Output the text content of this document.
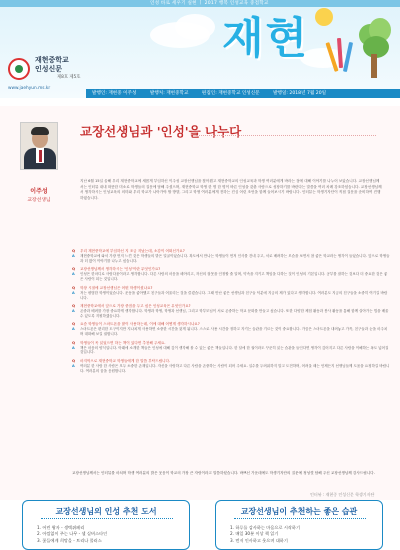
인성 바로 세우기 실현 ㅣ 2017 행복 인성교육 중점학교
재현중학교
인성신문
제8호 제5호
www.jaehyun.ms.kr
재현
발행인: 재현중 이주성	발행처: 재현중학교	편집인: 재현중학교 인성신문	발행일: 2018년 7월 20일
이주성
교장선생님
교장선생님과 '인성'을 나누다

지난 6월 15일 올해 우리 재현중학교에 새롭게 부임하신 이주성 교장선생님을 찾아뵙고 재현중학교의 인성교육과 학생 여러분에게 바라는 점에 대해 이야기를 나누어 보았습니다. 교장선생님께서는 인터뷰 내내 따뜻한 미소로 학생들의 질문에 답해 주셨으며, 재현중학교 학생 한 명 한 명이 바른 인성을 갖춘 사람으로 성장하기를 바란다는 말씀을 여러 차례 강조하셨습니다. 교장선생님께서 생각하시는 인성교육의 의미와 우리 학교가 나아가야 할 방향, 그리고 학생 여러분에게 전하는 진심 어린 조언을 함께 들어보시기 바랍니다. 인터뷰는 학생기자단이 직접 질문을 준비하여 진행하였습니다.

Q	우리 재현중학교에 부임하신 지 조금 지났는데, 소감이 어떠신가요?
A	재현중학교에 와서 가장 먼저 느낀 것은 학생들의 밝은 얼굴이었습니다. 복도에서 만나는 학생들이 먼저 인사를 건네 주고, 서로 배려하는 모습을 보면서 참 좋은 학교라는 생각이 들었습니다. 앞으로 학생들과 더 많이 이야기를 나누고 싶습니다.
Q	교장선생님께서 생각하시는 '인성'이란 무엇인가요?
A	인성은 한마디로 사람다움이라고 생각합니다. 다른 사람의 마음을 헤아리고, 자신의 잘못을 인정할 줄 알며, 약속을 지키고 책임을 다하는 것이 인성의 기본입니다. 공부를 잘하는 것보다 더 중요한 것은 좋은 사람이 되는 것입니다.
Q	학창 시절에 교장선생님은 어떤 학생이셨나요?
A	저는 평범한 학생이었습니다. 운동을 좋아했고 친구들과 어울리는 것을 즐겼습니다. 그때 만난 좋은 선생님과 친구들 덕분에 지금의 제가 있다고 생각합니다. 여러분도 지금의 친구들을 소중히 여기길 바랍니다.
Q	재현중학교에서 앞으로 가장 중점을 두고 싶은 인성교육은 무엇인가요?
A	존중과 배려를 가장 중요하게 생각합니다. 학생과 학생, 학생과 선생님, 그리고 학부모님이 서로 존중하는 학교 문화를 만들고 싶습니다. 또한 다양한 체험 활동과 봉사 활동을 통해 함께 살아가는 법을 배울 수 있도록 지원하겠습니다.
Q	요즘 학생들이 스마트폰을 많이 사용하는데, 이에 대해 어떻게 생각하시나요?
A	스마트폰은 편리한 도구이지만 지나치게 사용하면 소중한 시간을 잃게 됩니다. 스스로 사용 시간을 정하고 지키는 습관을 기르는 것이 중요합니다. 가끔은 스마트폰을 내려놓고 가족, 친구들과 눈을 마주치며 대화해 보길 권합니다.
Q	학생들이 꼭 읽었으면 하는 책이 있다면 추천해 주세요.
A	책은 마음의 양식입니다. 아래에 소개한 책들은 인성에 대해 깊이 생각해 볼 수 있는 좋은 책들입니다. 한 달에 한 권이라도 꾸준히 읽는 습관을 들인다면 생각이 깊어지고 다른 사람을 이해하는 폭도 넓어질 것입니다.
Q	마지막으로 재현중학교 학생들에게 한 말씀 부탁드립니다.
A	여러분 한 사람 한 사람은 모두 소중한 존재입니다. 자신을 사랑하고 다른 사람을 존중하는 사람이 되어 주세요. 실수를 두려워하지 말고 도전하며, 어려울 때는 언제든지 선생님들께 도움을 요청하길 바랍니다. 여러분의 꿈을 응원합니다.

교장선생님께서는 인터뷰를 마치며 학생 여러분의 밝은 웃음이 학교의 가장 큰 자랑이라고 말씀하셨습니다. 바쁘신 가운데에도 학생기자단의 질문에 정성껏 답해 주신 교장선생님께 감사드립니다.

인터뷰 : 재현중 인성신문 학생기자단
교장선생님의 인성 추천 도서
1. 어린 왕자 - 생텍쥐페리
2. 아낌없이 주는 나무 - 셸 실버스타인
3. 꽃들에게 희망을 - 트리나 폴러스
교장선생님이 추천하는 좋은 습관
1. 하루를 감사하는 마음으로 시작하기
2. 매일 30분 이상 책 읽기
3. 먼저 인사하고 웃으며 대하기
